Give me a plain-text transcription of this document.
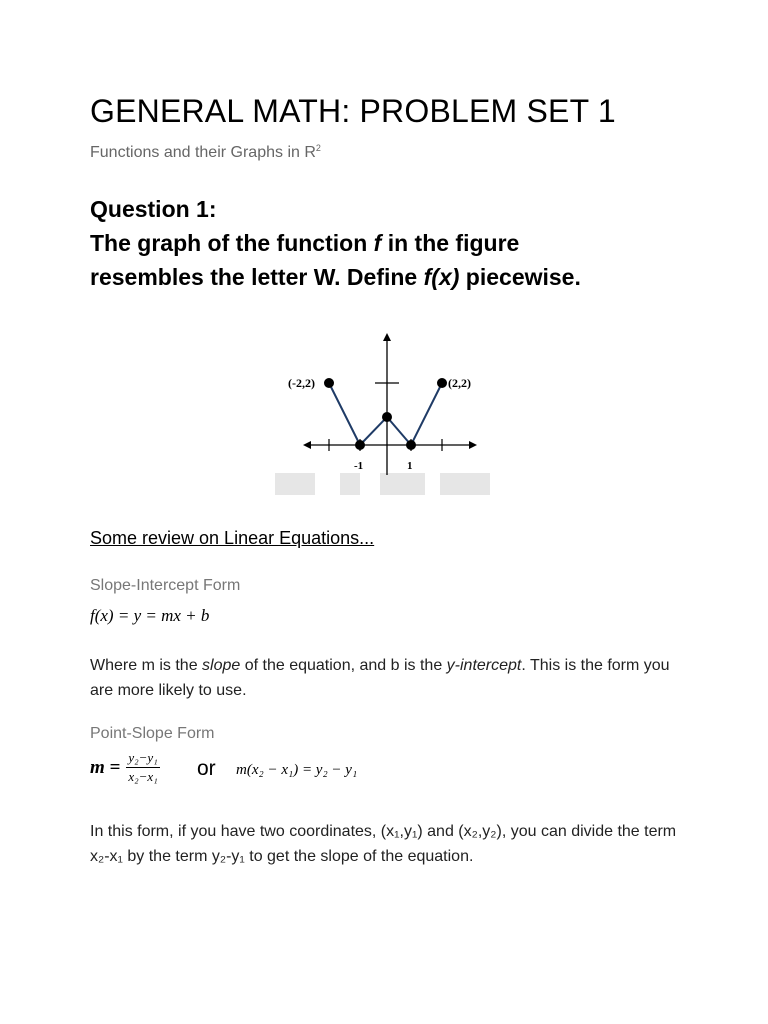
GENERAL MATH: PROBLEM SET 1

Functions and their Graphs in $R^2$

Question 1:

The graph of the function f in the figure
resembles the letter W. Define f(x) piecewise.

(-2,2)	(2,2)
-1	1

Some review on Linear Equations...

Slope-Intercept Form

f(x) = y = mx + b

Where m is the slope of the equation, and b is the y-intercept. This is the form you are more likely to use.

Point-Slope Form

$m = \frac{\text{y₂−y₁}}{\text{x₂−x₁}}$ or m(x₂ − x₁) = y₂ − y₁

In this form, if you have two coordinates, (x₁,y₁) and (x₂,y₂), you can divide the term x₂-x₁ by the term y₂-y₁ to get the slope of the equation.
